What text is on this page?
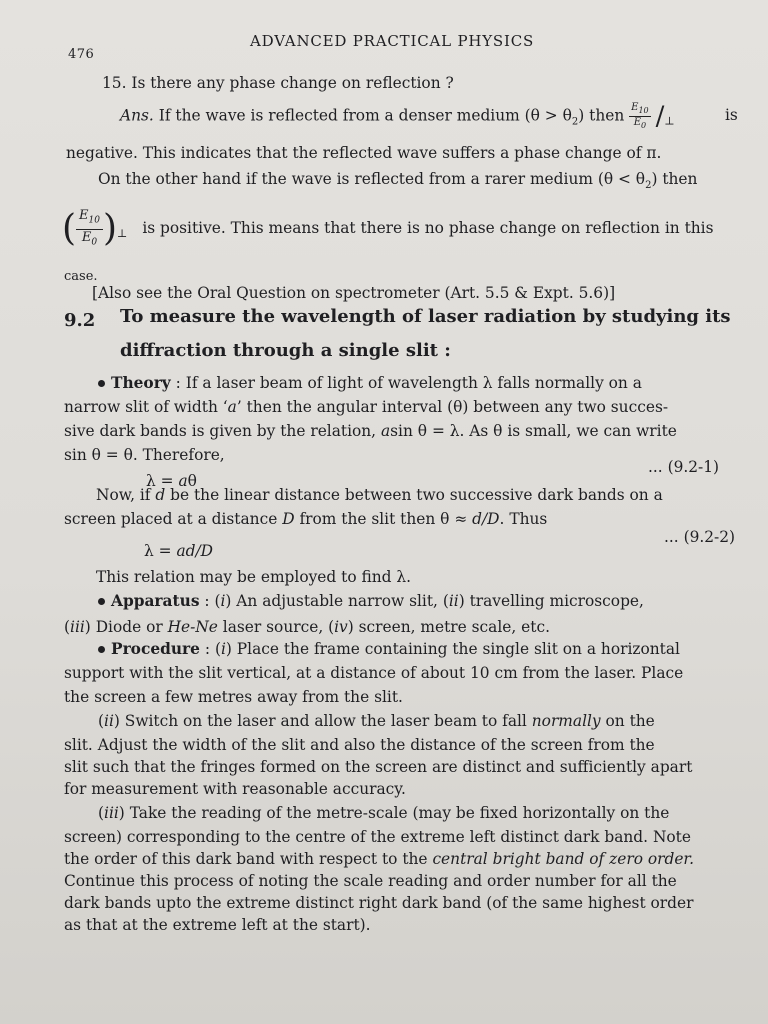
476
ADVANCED PRACTICAL PHYSICS
15. Is there any phase change on reflection ?
Ans. If the wave is reflected from a denser medium $(\theta > \theta_2)$ then $\frac{E_{10}}{E_0} /_\perp$	is
negative. This indicates that the reflected wave suffers a phase change of π.
On the other hand if the wave is reflected from a rarer medium $(\theta < \theta_2)$ then
( $\frac{E_{10}}{E_0})_\perp$ is positive. This means that there is no phase change on reflection in this
case.
[Also see the Oral Question on spectrometer (Art. 5.5 & Expt. 5.6)]
9.2 To measure the wavelength of laser radiation by studying its
diffraction through a single slit :
Theory : If a laser beam of light of wavelength λ falls normally on a
narrow slit of width ‘a’ then the angular interval (θ) between any two succes-
sive dark bands is given by the relation, asin θ = λ. As θ is small, we can write
sin θ = θ. Therefore,
λ = aθ
... (9.2-1)
Now, if d be the linear distance between two successive dark bands on a
screen placed at a distance D from the slit then θ ≈ d/D. Thus
λ = ad/D
... (9.2-2)
This relation may be employed to find λ.
Apparatus : (i) An adjustable narrow slit, (ii) travelling microscope,
(iii) Diode or He-Ne laser source, (iv) screen, metre scale, etc.
Procedure : (i) Place the frame containing the single slit on a horizontal
support with the slit vertical, at a distance of about 10 cm from the laser. Place
the screen a few metres away from the slit.
(ii) Switch on the laser and allow the laser beam to fall normally on the
slit. Adjust the width of the slit and also the distance of the screen from the
slit such that the fringes formed on the screen are distinct and sufficiently apart
for measurement with reasonable accuracy.
(iii) Take the reading of the metre-scale (may be fixed horizontally on the
screen) corresponding to the centre of the extreme left distinct dark band. Note
the order of this dark band with respect to the central bright band of zero order.
Continue this process of noting the scale reading and order number for all the
dark bands upto the extreme distinct right dark band (of the same highest order
as that at the extreme left at the start).
